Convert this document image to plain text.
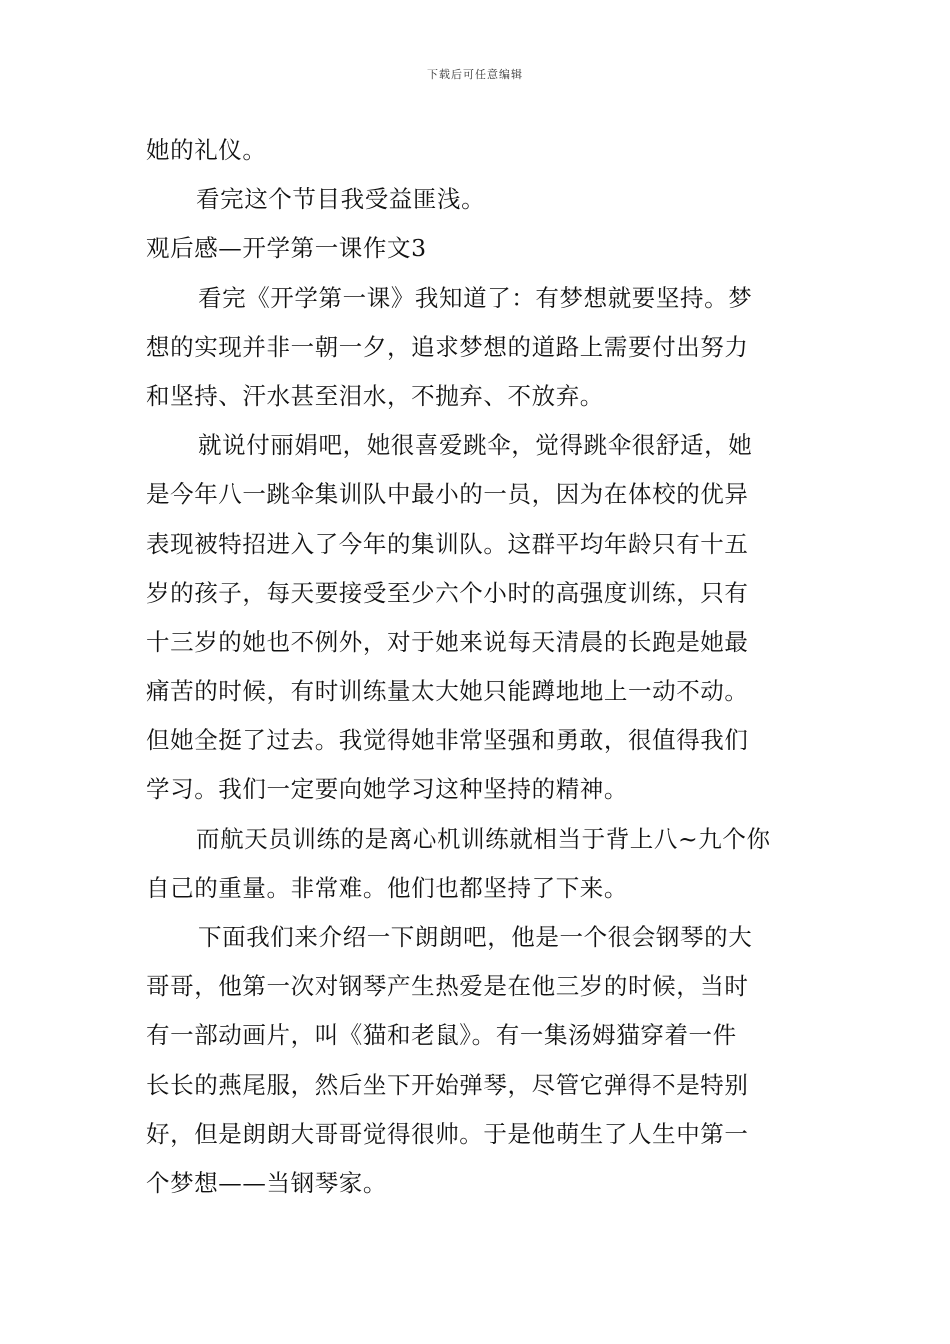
下载后可任意编辑
她的礼仪。
看完这个节目我受益匪浅。
观后感—开学第一课作文3
看完《开学第一课》我知道了：有梦想就要坚持。梦
想的实现并非一朝一夕，追求梦想的道路上需要付出努力
和坚持、汗水甚至泪水，不抛弃、不放弃。
就说付丽娟吧，她很喜爱跳伞，觉得跳伞很舒适，她
是今年八一跳伞集训队中最小的一员，因为在体校的优异
表现被特招进入了今年的集训队。这群平均年龄只有十五
岁的孩子，每天要接受至少六个小时的高强度训练，只有
十三岁的她也不例外，对于她来说每天清晨的长跑是她最
痛苦的时候，有时训练量太大她只能蹲地地上一动不动。
但她全挺了过去。我觉得她非常坚强和勇敢，很值得我们
学习。我们一定要向她学习这种坚持的精神。
而航天员训练的是离心机训练就相当于背上八~九个你
自己的重量。非常难。他们也都坚持了下来。
下面我们来介绍一下朗朗吧，他是一个很会钢琴的大
哥哥，他第一次对钢琴产生热爱是在他三岁的时候，当时
有一部动画片，叫《猫和老鼠》。有一集汤姆猫穿着一件
长长的燕尾服，然后坐下开始弹琴，尽管它弹得不是特别
好，但是朗朗大哥哥觉得很帅。于是他萌生了人生中第一
个梦想——当钢琴家。
